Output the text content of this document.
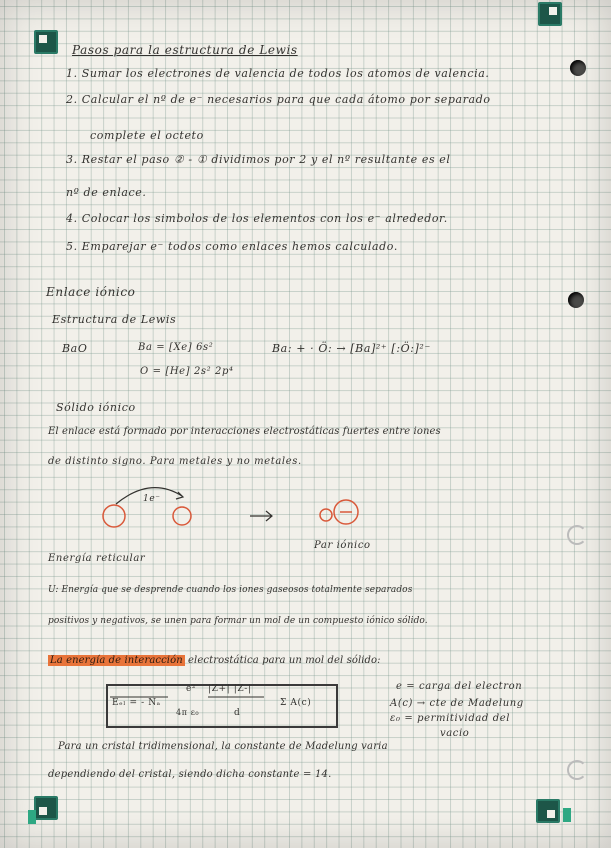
Pasos para la estructura de Lewis
1. Sumar los electrones de valencia de todos los atomos de valencia.
2. Calcular el nº de e⁻ necesarios para que cada átomo por separado
complete el octeto
3. Restar el paso ② - ① dividimos por 2 y el nº resultante es el
nº de enlace.
4. Colocar los simbolos de los elementos con los e⁻ alrededor.
5. Emparejar e⁻ todos como enlaces hemos calculado.
Enlace iónico
Estructura de Lewis
BaO	Ba = [Xe] 6s²
O = [He] 2s² 2p⁴
Ba: + · Ö: → [Ba]²⁺ [:Ö:]²⁻
Sólido iónico
El enlace está formado por interacciones electrostáticas fuertes entre iones
de distinto signo. Para metales y no metales.
1e⁻
Par iónico
Energía reticular
U: Energía que se desprende cuando los iones gaseosos totalmente separados
positivos y negativos, se unen para formar un mol de un compuesto iónico sólido.
La energía de interacción electrostática para un mol del sólido:
Eₑₗ = - Nₐ
e²
4π ε₀
|Z+| |Z-|
d
Σ A(c)
e = carga del electron
A(c) → cte de Madelung
ε₀ = permitividad del
vacio
Para un cristal tridimensional, la constante de Madelung varia
dependiendo del cristal, siendo dicha constante = 14.
